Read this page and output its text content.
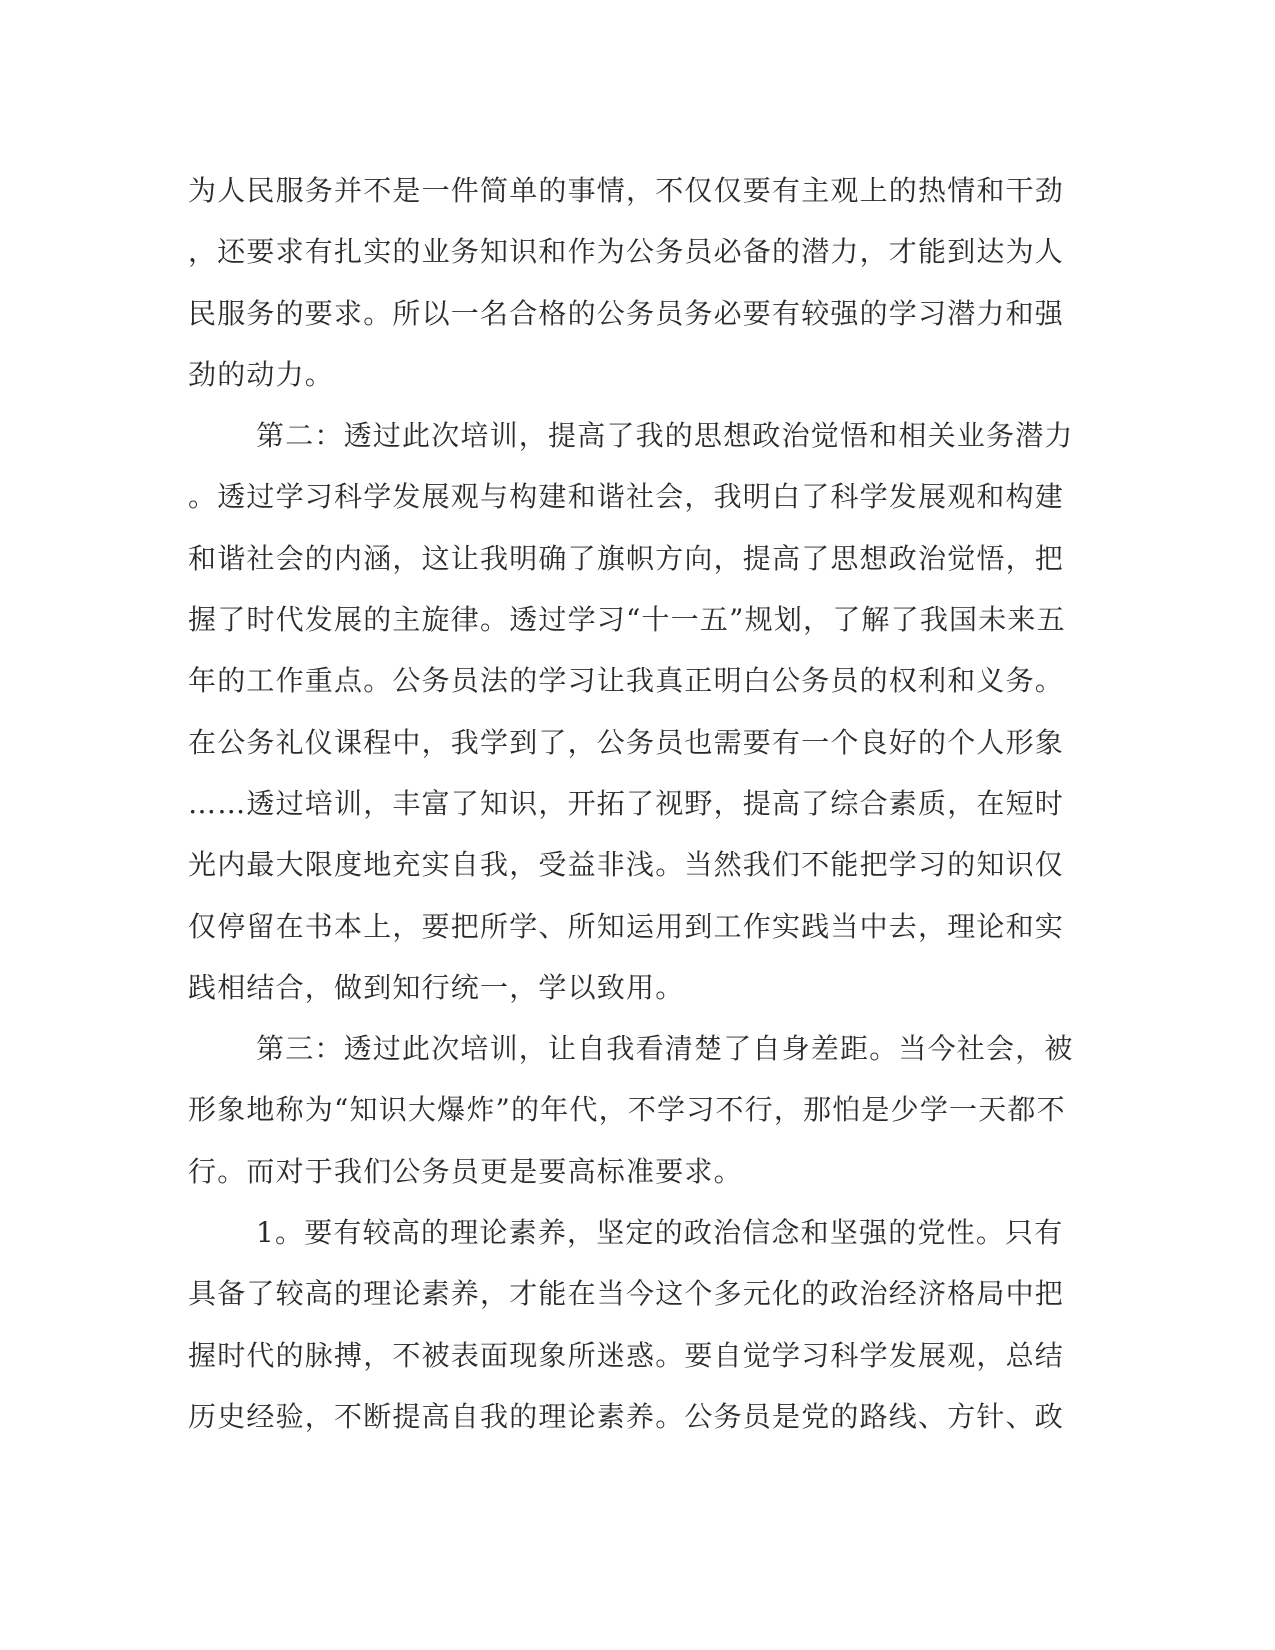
为人民服务并不是一件简单的事情，不仅仅要有主观上的热情和干劲
，还要求有扎实的业务知识和作为公务员必备的潜力，才能到达为人
民服务的要求。所以一名合格的公务员务必要有较强的学习潜力和强
劲的动力。
第二：透过此次培训，提高了我的思想政治觉悟和相关业务潜力
。透过学习科学发展观与构建和谐社会，我明白了科学发展观和构建
和谐社会的内涵，这让我明确了旗帜方向，提高了思想政治觉悟，把
握了时代发展的主旋律。透过学习“十一五”规划，了解了我国未来五
年的工作重点。公务员法的学习让我真正明白公务员的权利和义务。
在公务礼仪课程中，我学到了，公务员也需要有一个良好的个人形象
……透过培训，丰富了知识，开拓了视野，提高了综合素质，在短时
光内最大限度地充实自我，受益非浅。当然我们不能把学习的知识仅
仅停留在书本上，要把所学、所知运用到工作实践当中去，理论和实
践相结合，做到知行统一，学以致用。
第三：透过此次培训，让自我看清楚了自身差距。当今社会，被
形象地称为“知识大爆炸”的年代，不学习不行，那怕是少学一天都不
行。而对于我们公务员更是要高标准要求。
1。要有较高的理论素养，坚定的政治信念和坚强的党性。只有
具备了较高的理论素养，才能在当今这个多元化的政治经济格局中把
握时代的脉搏，不被表面现象所迷惑。要自觉学习科学发展观，总结
历史经验，不断提高自我的理论素养。公务员是党的路线、方针、政
